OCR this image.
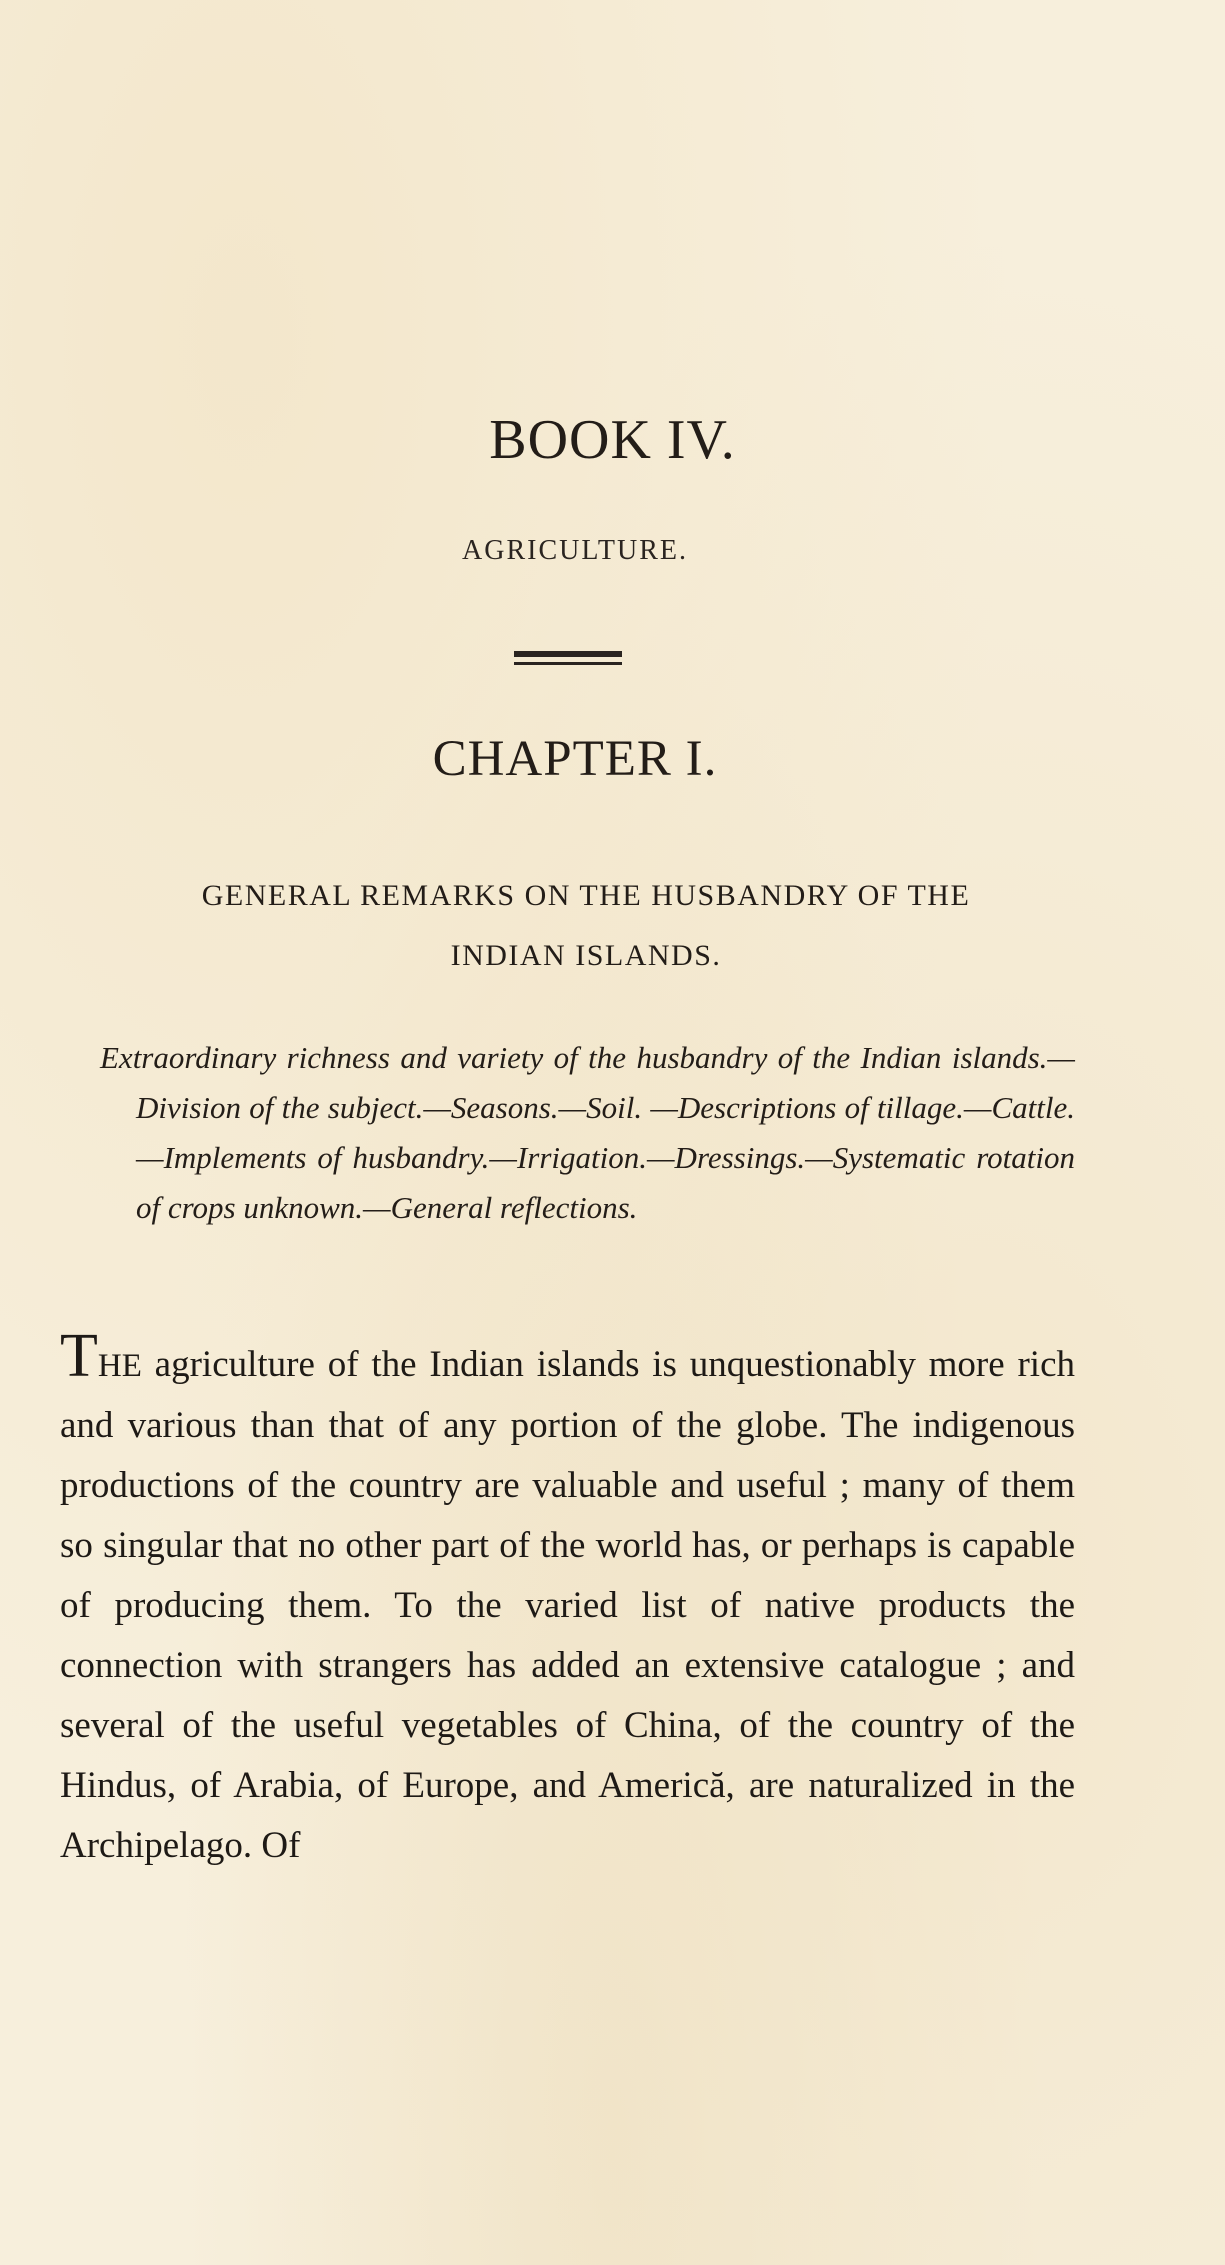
BOOK IV.
AGRICULTURE.
CHAPTER I.
GENERAL REMARKS ON THE HUSBANDRY OF THE
INDIAN ISLANDS.
Extraordinary richness and variety of the husbandry of the Indian islands.—Division of the subject.—Seasons.—Soil. —Descriptions of tillage.—Cattle.—Implements of husbandry.—Irrigation.—Dressings.—Systematic rotation of crops unknown.—General reflections.
THE agriculture of the Indian islands is unquestionably more rich and various than that of any portion of the globe. The indigenous productions of the country are valuable and useful ; many of them so singular that no other part of the world has, or perhaps is capable of producing them. To the varied list of native products the connection with strangers has added an extensive catalogue ; and several of the useful vegetables of China, of the country of the Hindus, of Arabia, of Europe, and Americă, are naturalized in the Archipelago. Of
